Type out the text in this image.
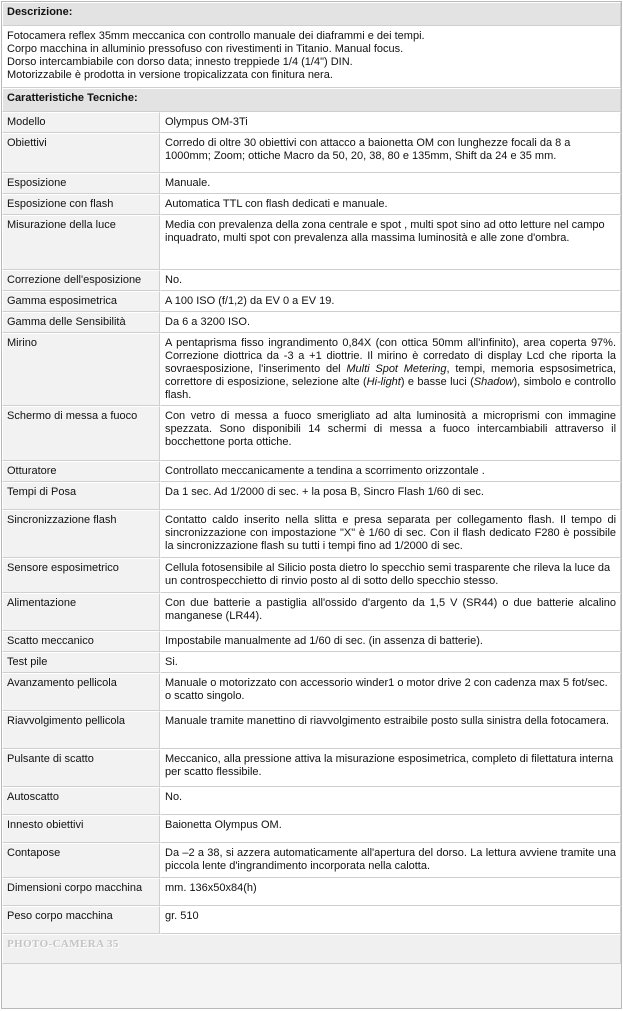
Descrizione:	

Fotocamera reflex 35mm meccanica con controllo manuale dei diaframmi e dei tempi.
Corpo macchina in alluminio pressofuso con rivestimenti in Titanio. Manual focus.
Dorso intercambiabile con dorso data; innesto treppiede 1/4 (1/4") DIN.
Motorizzabile è prodotta in versione tropicalizzata con finitura nera.	

Caratteristiche Tecniche:	
Modello	Olympus OM-3Ti
Obiettivi	Corredo di oltre 30 obiettivi con attacco a baionetta OM con lunghezze focali da 8 a 1000mm; Zoom; ottiche Macro da 50, 20, 38, 80 e 135mm, Shift da 24 e 35 mm.
Esposizione	Manuale.
Esposizione con flash	Automatica TTL con flash dedicati e manuale.
Misurazione della luce	Media con prevalenza della zona centrale e spot , multi spot sino ad otto letture nel campo inquadrato, multi spot con prevalenza alla massima luminosità e alle zone d'ombra.
Correzione dell'esposizione	No.
Gamma esposimetrica	A 100 ISO (f/1,2) da EV 0 a EV 19.
Gamma delle Sensibilità	Da 6 a 3200 ISO.
Mirino	A pentaprisma fisso ingrandimento 0,84X (con ottica 50mm all'infinito), area coperta 97%. Correzione diottrica da -3 a +1 diottrie. Il mirino è corredato di display Lcd che riporta la sovraesposizione, l'inserimento del Multi Spot Metering, tempi, memoria espsosimetrica, correttore di esposizione, selezione alte (Hi-light) e basse luci (Shadow), simbolo e controllo flash.
Schermo di messa a fuoco	Con vetro di messa a fuoco smerigliato ad alta luminosità a microprismi con immagine spezzata. Sono disponibili 14 schermi di messa a fuoco intercambiabili attraverso il bocchettone porta ottiche.
Otturatore	Controllato meccanicamente a tendina a scorrimento orizzontale .
Tempi di Posa	Da 1 sec. Ad 1/2000 di sec. + la posa B, Sincro Flash 1/60 di sec.
Sincronizzazione flash	Contatto caldo inserito nella slitta e presa separata per collegamento flash. Il tempo di sincronizzazione con impostazione "X" è 1/60 di sec. Con il flash dedicato F280 è possibile la sincronizzazione flash su tutti i tempi fino ad 1/2000 di sec.
Sensore esposimetrico	Cellula fotosensibile al Silicio posta dietro lo specchio semi trasparente che rileva la luce da un controspecchietto di rinvio posto al di sotto dello specchio stesso.
Alimentazione	Con due batterie a pastiglia all'ossido d'argento da 1,5 V (SR44) o due batterie alcalino manganese (LR44).
Scatto meccanico	Impostabile manualmente ad 1/60 di sec. (in assenza di batterie).
Test pile	Si.
Avanzamento pellicola	Manuale o motorizzato con accessorio winder1 o motor drive 2 con cadenza max 5 fot/sec. o scatto singolo.
Riavvolgimento pellicola	Manuale tramite manettino di riavvolgimento estraibile posto sulla sinistra della fotocamera.
Pulsante di scatto	Meccanico, alla pressione attiva la misurazione esposimetrica, completo di filettatura interna per scatto flessibile.
Autoscatto	No.
Innesto obiettivi	Baionetta Olympus OM.
Contapose	Da –2 a 38, si azzera automaticamente all'apertura del dorso. La lettura avviene tramite una piccola lente d'ingrandimento incorporata nella calotta.
Dimensioni corpo macchina	mm. 136x50x84(h)
Peso corpo macchina	gr. 510
PHOTO-CAMERA 35	
